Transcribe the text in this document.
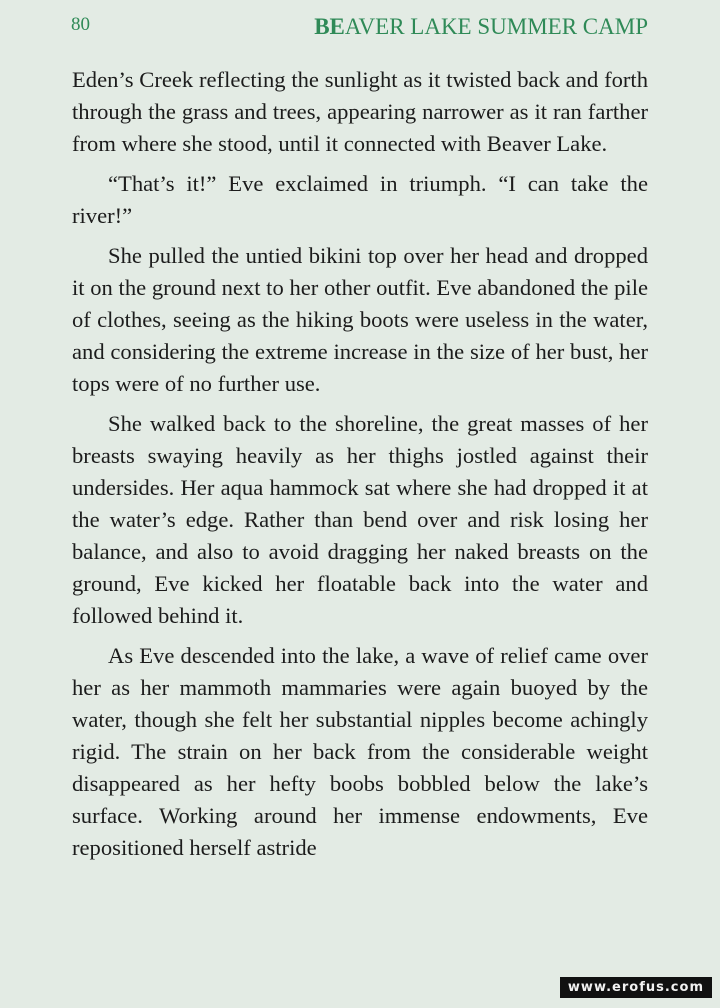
80	BEAVER LAKE SUMMER CAMP

Eden’s Creek reflecting the sunlight as it twisted back and forth through the grass and trees, appearing narrower as it ran farther from where she stood, until it connected with Beaver Lake.

“That’s it!” Eve exclaimed in triumph. “I can take the river!”

She pulled the untied bikini top over her head and dropped it on the ground next to her other outfit. Eve abandoned the pile of clothes, seeing as the hiking boots were useless in the water, and considering the extreme increase in the size of her bust, her tops were of no further use.

She walked back to the shoreline, the great masses of her breasts swaying heavily as her thighs jostled against their undersides. Her aqua hammock sat where she had dropped it at the water’s edge. Rather than bend over and risk losing her balance, and also to avoid dragging her naked breasts on the ground, Eve kicked her floatable back into the water and followed behind it.

As Eve descended into the lake, a wave of relief came over her as her mammoth mammaries were again buoyed by the water, though she felt her substantial nipples become achingly rigid. The strain on her back from the considerable weight disappeared as her hefty boobs bobbled below the lake’s surface. Working around her immense endowments, Eve repositioned herself astride

www.erofus.com
